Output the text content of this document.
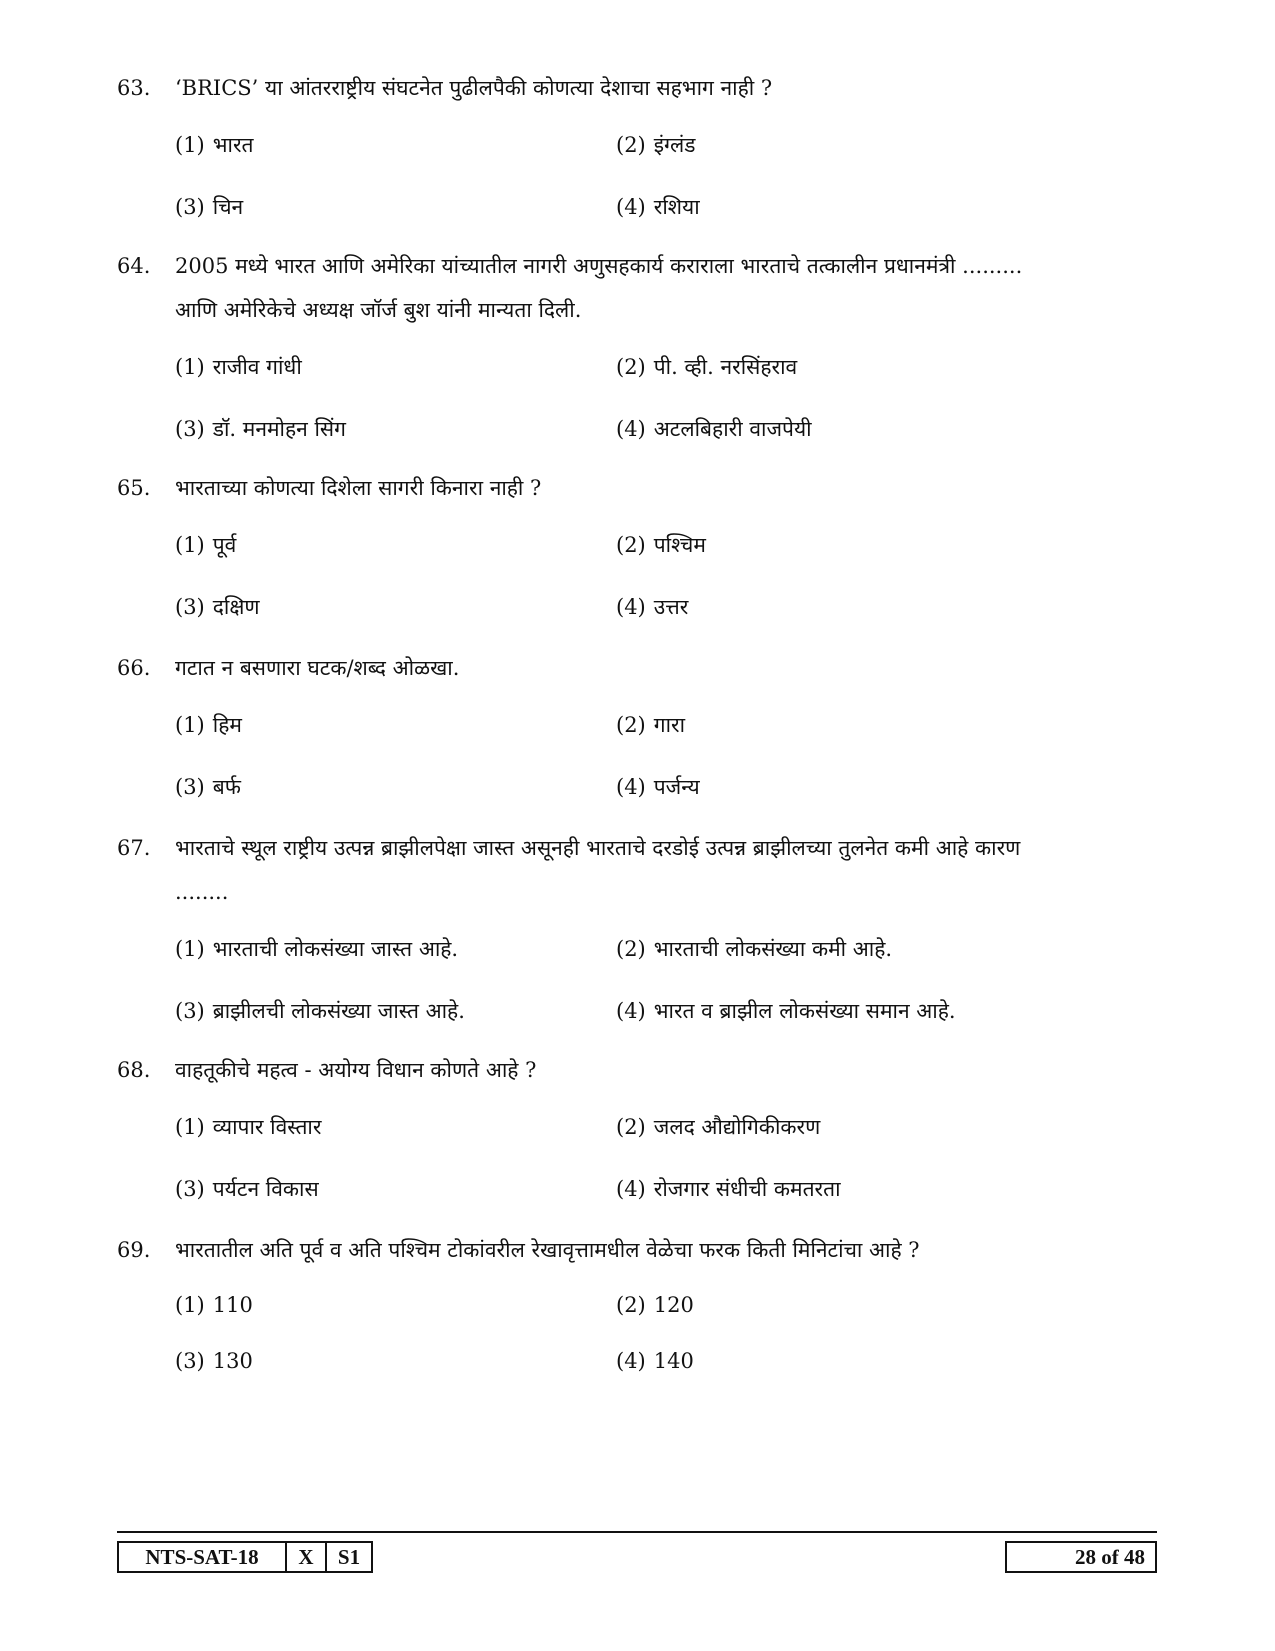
63.	‘BRICS’ या आंतरराष्ट्रीय संघटनेत पुढीलपैकी कोणत्या देशाचा सहभाग नाही ?
(1) भारत	(2) इंग्लंड
(3) चिन	(4) रशिया
64.	2005 मध्ये भारत आणि अमेरिका यांच्यातील नागरी अणुसहकार्य कराराला भारताचे तत्कालीन प्रधानमंत्री .........
आणि अमेरिकेचे अध्यक्ष जॉर्ज बुश यांनी मान्यता दिली.
(1) राजीव गांधी	(2) पी. व्ही. नरसिंहराव
(3) डॉ. मनमोहन सिंग	(4) अटलबिहारी वाजपेयी
65.	भारताच्या कोणत्या दिशेला सागरी किनारा नाही ?
(1) पूर्व	(2) पश्चिम
(3) दक्षिण	(4) उत्तर
66.	गटात न बसणारा घटक/शब्द ओळखा.
(1) हिम	(2) गारा
(3) बर्फ	(4) पर्जन्य
67.	भारताचे स्थूल राष्ट्रीय उत्पन्न ब्राझीलपेक्षा जास्त असूनही भारताचे दरडोई उत्पन्न ब्राझीलच्या तुलनेत कमी आहे कारण
........
(1) भारताची लोकसंख्या जास्त आहे.	(2) भारताची लोकसंख्या कमी आहे.
(3) ब्राझीलची लोकसंख्या जास्त आहे.	(4) भारत व ब्राझील लोकसंख्या समान आहे.
68.	वाहतूकीचे महत्व - अयोग्य विधान कोणते आहे ?
(1) व्यापार विस्तार	(2) जलद औद्योगिकीकरण
(3) पर्यटन विकास	(4) रोजगार संधीची कमतरता
69.	भारतातील अति पूर्व व अति पश्चिम टोकांवरील रेखावृत्तामधील वेळेचा फरक किती मिनिटांचा आहे ?
(1) 110	(2) 120
(3) 130	(4) 140
NTS-SAT-18	X	S1	28 of 48
